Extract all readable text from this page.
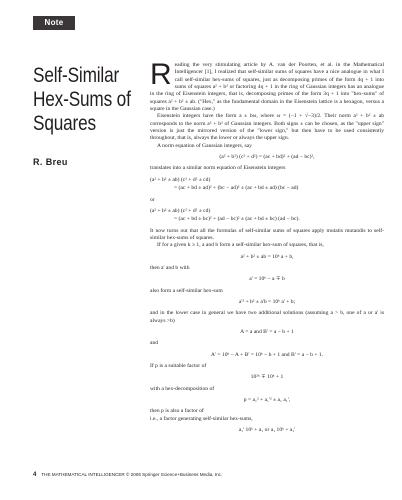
Note
Self-Similar
Hex-Sums of
Squares
R. Breu

Reading the very stimulating article by A. van der Poorten, et al. in the Mathematical Intelligencer [1], I realized that self-similar sums of squares have a nice analogue in what I call self-similar hex-sums of squares, just as decomposing primes of the form 4q + 1 into sums of squares a² + b² or factoring 4q + 1 in the ring of Gaussian integers has an analogue in the ring of Eisenstein integers, that is, decomposing primes of the form 3q + 1 into "hex-sums" of squares a² + b² ± ab. ("Hex," as the fundamental domain in the Eisenstein lattice is a hexagon, versus a square in the Gaussian case.)

Eisenstein integers have the form a ± bω, where ω = (−1 + √−3)/2. Their norm a² + b² ± ab corresponds to the norm a² + b² of Gaussian integers. Both signs ± can be chosen, as the "upper sign" version is just the mirrored version of the "lower sign," but then have to be used consistently throughout, that is, always the lower or always the upper sign.

A norm equation of Gaussian integers, say

(a² + b²) (c² + d²) = (ac + bd)² + (ad − bc)²,

translates into a similar norm equation of Eisenstein integers

(a² + b² ± ab) (c² + d² ± cd)
= (ac + bd ± ad)² + (bc − ad)² ± (ac + bd ± ad) (bc − ad)

or

(a² + b² ± ab) (c² + d² ± cd)
= (ac + bd ± bc)² + (ad − bc)² ± (ac + bd ± bc) (ad − bc).

It now turns out that all the formulas of self-similar sums of squares apply mutatis mutandis to self-similar hex-sums of squares.

If for a given k ≥ 1, a and b form a self-similar hex-sum of squares, that is,

a² + b² ± ab = 10ᵏ a + b,

then a' and b with

a' = 10ᵏ − a ∓ b

also form a self-similar hex-sum

a'² + b² ± a'b = 10ᵏ a' + b;

and in the lower case in general we have two additional solutions (assuming a > b, one of a or a' is always >b)

A = a and B' = a − b + 1

and

A' = 10ᵏ − A + B' = 10ᵏ − b + 1 and B' = a − b + 1.

If p is a suitable factor of

10²ᵏ ∓ 10ᵏ + 1

with a hex-decomposition of

p = a₁² + a₁'² ± a₁ a₁',

then p is also a factor of

i.e., a factor generating self-similar hex-sums,

a₁' 10ᵏ + a₁ or a₁ 10ᵏ + a₁'
4 THE MATHEMATICAL INTELLIGENCER © 2006 Springer Science+Business Media, Inc.
